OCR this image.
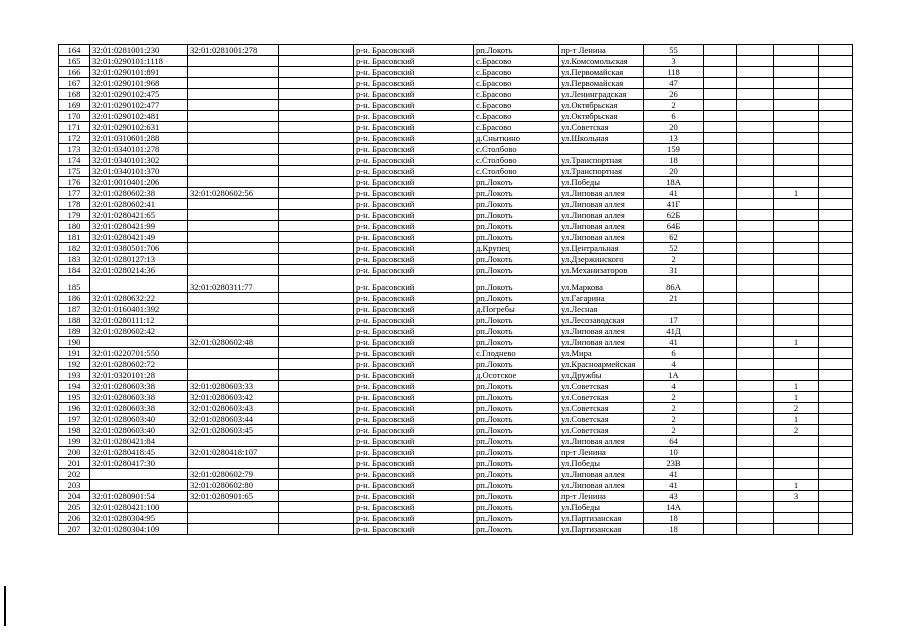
164	32:01:0281001:230	32:01:0281001:278		р-н. Брасовский	рп.Локоть	пр-т Ленина	55				
165	32:01:0290101:1118			р-н. Брасовский	с.Брасово	ул.Комсомольская	3				
166	32:01:0290101:891			р-н. Брасовский	с.Брасово	ул.Первомайская	118				
167	32:01:0290101:968			р-н. Брасовский	с.Брасово	ул.Первомайская	47				
168	32:01:0290102:475			р-н. Брасовский	с.Брасово	ул.Ленинградская	26				
169	32:01:0290102:477			р-н. Брасовский	с.Брасово	ул.Октябрьская	2				
170	32:01:0290102:481			р-н. Брасовский	с.Брасово	ул.Октябрьская	6				
171	32:01:0290102:631			р-н. Брасовский	с.Брасово	ул.Советская	20				
172	32:01:0310601:288			р-н. Брасовский	д.Сныткино	ул.Школьная	13				
173	32:01:0340101:278			р-н. Брасовский	с.Столбово		159				
174	32:01:0340101:302			р-н. Брасовский	с.Столбово	ул.Транспортная	18				
175	32:01:0340101:370			р-н. Брасовский	с.Столбово	ул.Транспортная	20				
176	32:01:0010401:206			р-н. Брасовский	рп.Локоть	ул.Победы	18А				
177	32:01:0280602:38	32:01:0280602:56		р-н. Брасовский	рп.Локоть	ул.Липовая аллея	41			1	
178	32:01:0280602:41			р-н. Брасовский	рп.Локоть	ул.Липовая аллея	41Г				
179	32:01:0280421:65			р-н. Брасовский	рп.Локоть	ул.Липовая аллея	62Б				
180	32:01:0280421:99			р-н. Брасовский	рп.Локоть	ул.Липовая аллея	64Б				
181	32:01:0280421:49			р-н. Брасовский	рп.Локоть	ул.Липовая аллея	62				
182	32:01:0380501:706			р-н. Брасовский	д.Крупец	ул.Центральная	52				
183	32:01:0280127:13			р-н. Брасовский	рп.Локоть	ул.Дзержинского	2				
184	32:01:0280214:36			р-н. Брасовский	рп.Локоть	ул.Механизаторов	31				
185		32:01:0280311:77		р-н. Брасовский	рп.Локоть	ул.Маркова	86А				
186	32:01:0280632:22			р-н. Брасовский	рп.Локоть	ул.Гагарина	21				
187	32:01:0160401:392			р-н. Брасовский	д.Погребы	ул.Лесная					
188	32:01:0280111:12			р-н. Брасовский	рп.Локоть	ул.Лесозаводская	17				
189	32:01:0280602:42			р-н. Брасовский	рп.Локоть	ул.Липовая аллея	41Д				
190		32:01:0280602:48		р-н. Брасовский	рп.Локоть	ул.Липовая аллея	41			1	
191	32:01:0220701:550			р-н. Брасовский	с.Глоднево	ул.Мира	6				
192	32:01:0280602:72			р-н. Брасовский	рп.Локоть	ул.Красноармейская	4				
193	32:01:0320101:28			р-н. Брасовский	д.Осотское	ул.Дружбы	1А				
194	32:01:0280603:38	32:01:0280603:33		р-н. Брасовский	рп.Локоть	ул.Советская	4			1	
195	32:01:0280603:38	32:01:0280603:42		р-н. Брасовский	рп.Локоть	ул.Советская	2			1	
196	32:01:0280603:38	32:01:0280603:43		р-н. Брасовский	рп.Локоть	ул.Советская	2			2	
197	32:01:0280603:40	32:01:0280603:44		р-н. Брасовский	рп.Локоть	ул.Советская	2			1	
198	32:01:0280603:40	32:01:0280603:45		р-н. Брасовский	рп.Локоть	ул.Советская	2			2	
199	32:01:0280421:84			р-н. Брасовский	рп.Локоть	ул.Липовая аллея	64				
200	32:01:0280418:45	32:01:0280418:107		р-н. Брасовский	рп.Локоть	пр-т Ленина	10				
201	32:01:0280417:30			р-н. Брасовский	рп.Локоть	ул.Победы	23В				
202		32:01:0280602:79		р-н. Брасовский	рп.Локоть	ул.Липовая аллея	41				
203		32:01:0280602:80		р-н. Брасовский	рп.Локоть	ул.Липовая аллея	41			1	
204	32:01:0280901:54	32:01:0280901:65		р-н. Брасовский	рп.Локоть	пр-т Ленина	43			3	
205	32:01:0280421:100			р-н. Брасовский	рп.Локоть	ул.Победы	14А				
206	32:01:0280304:95			р-н. Брасовский	рп.Локоть	ул.Партизанская	18				
207	32:01:0280304:109			р-н. Брасовский	рп.Локоть	ул.Партизанская	18				
